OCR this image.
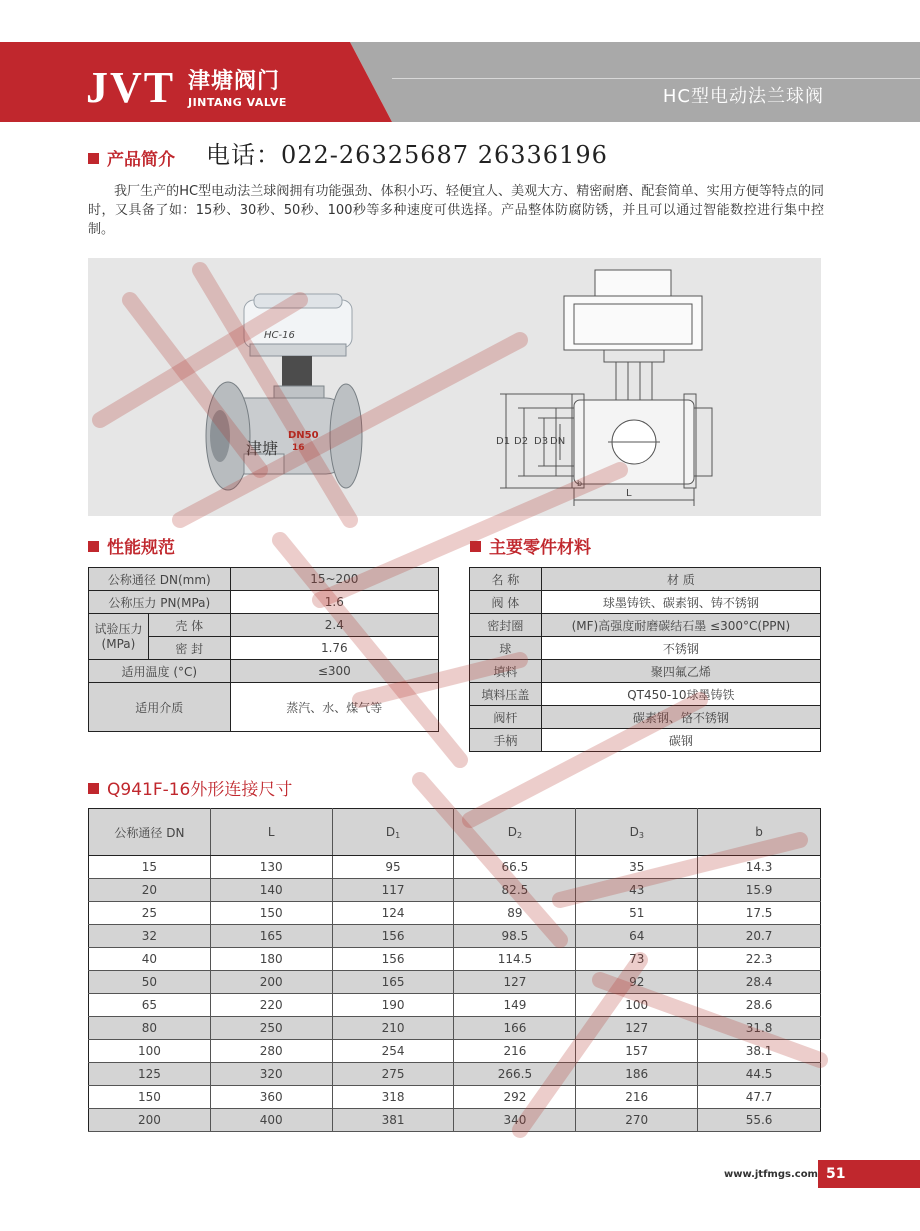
JVT 津塘阀门
JINTANG VALVE	HC型电动法兰球阀
产品简介 电话：022-26325687 26336196
我厂生产的HC型电动法兰球阀拥有功能强劲、体积小巧、轻便宜人、美观大方、精密耐磨、配套简单、实用方便等特点的同时，又具备了如：15秒、30秒、50秒、100秒等多种速度可供选择。产品整体防腐防锈，并且可以通过智能数控进行集中控制。
HC-16
DN50
16
津塘	D1 D2 D3 DN
L
b
性能规范
公称通径 DN(mm)		15~200
公称压力 PN(MPa)		1.6
试验压力
(MPa)	壳 体	2.4
	密 封	1.76
适用温度 (°C)		≤300
适用介质		蒸汽、水、煤气等
主要零件材料
名 称	材 质
阀 体	球墨铸铁、碳素钢、铸不锈钢
密封圈	(MF)高强度耐磨碳结石墨 ≤300°C(PPN)
球	不锈钢
填料	聚四氟乙烯
填料压盖	QT450-10球墨铸铁
阀杆	碳素钢、铬不锈钢
手柄	碳钢
Q941F-16外形连接尺寸
公称通径 DN	L	$D_1$	$D_2$	$D_3$	b
15	130	95	66.5	35	14.3
20	140	117	82.5	43	15.9
25	150	124	89	51	17.5
32	165	156	98.5	64	20.7
40	180	156	114.5	73	22.3
50	200	165	127	92	28.4
65	220	190	149	100	28.6
80	250	210	166	127	31.8
100	280	254	216	157	38.1
125	320	275	266.5	186	44.5
150	360	318	292	216	47.7
200	400	381	340	270	55.6
www.jtfmgs.com 51
